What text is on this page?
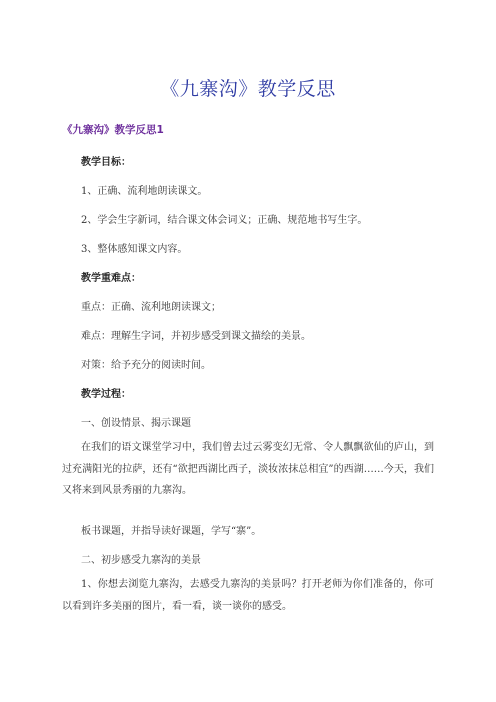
《九寨沟》教学反思
《九寨沟》教学反思1
教学目标：
1、正确、流利地朗读课文。
2、学会生字新词，结合课文体会词义；正确、规范地书写生字。
3、整体感知课文内容。
教学重难点：
重点：正确、流利地朗读课文；
难点：理解生字词，并初步感受到课文描绘的美景。
对策：给予充分的阅读时间。
教学过程：
一、创设情景、揭示课题
在我们的语文课堂学习中，我们曾去过云雾变幻无常、令人飘飘欲仙的庐山，到过充满阳光的拉萨，还有“欲把西湖比西子，淡妆浓抹总相宜”的西湖……今天，我们又将来到风景秀丽的九寨沟。
板书课题，并指导读好课题，学写“寨”。
二、初步感受九寨沟的美景
1、你想去浏览九寨沟，去感受九寨沟的美景吗？打开老师为你们准备的，你可以看到许多美丽的图片，看一看，谈一谈你的感受。
